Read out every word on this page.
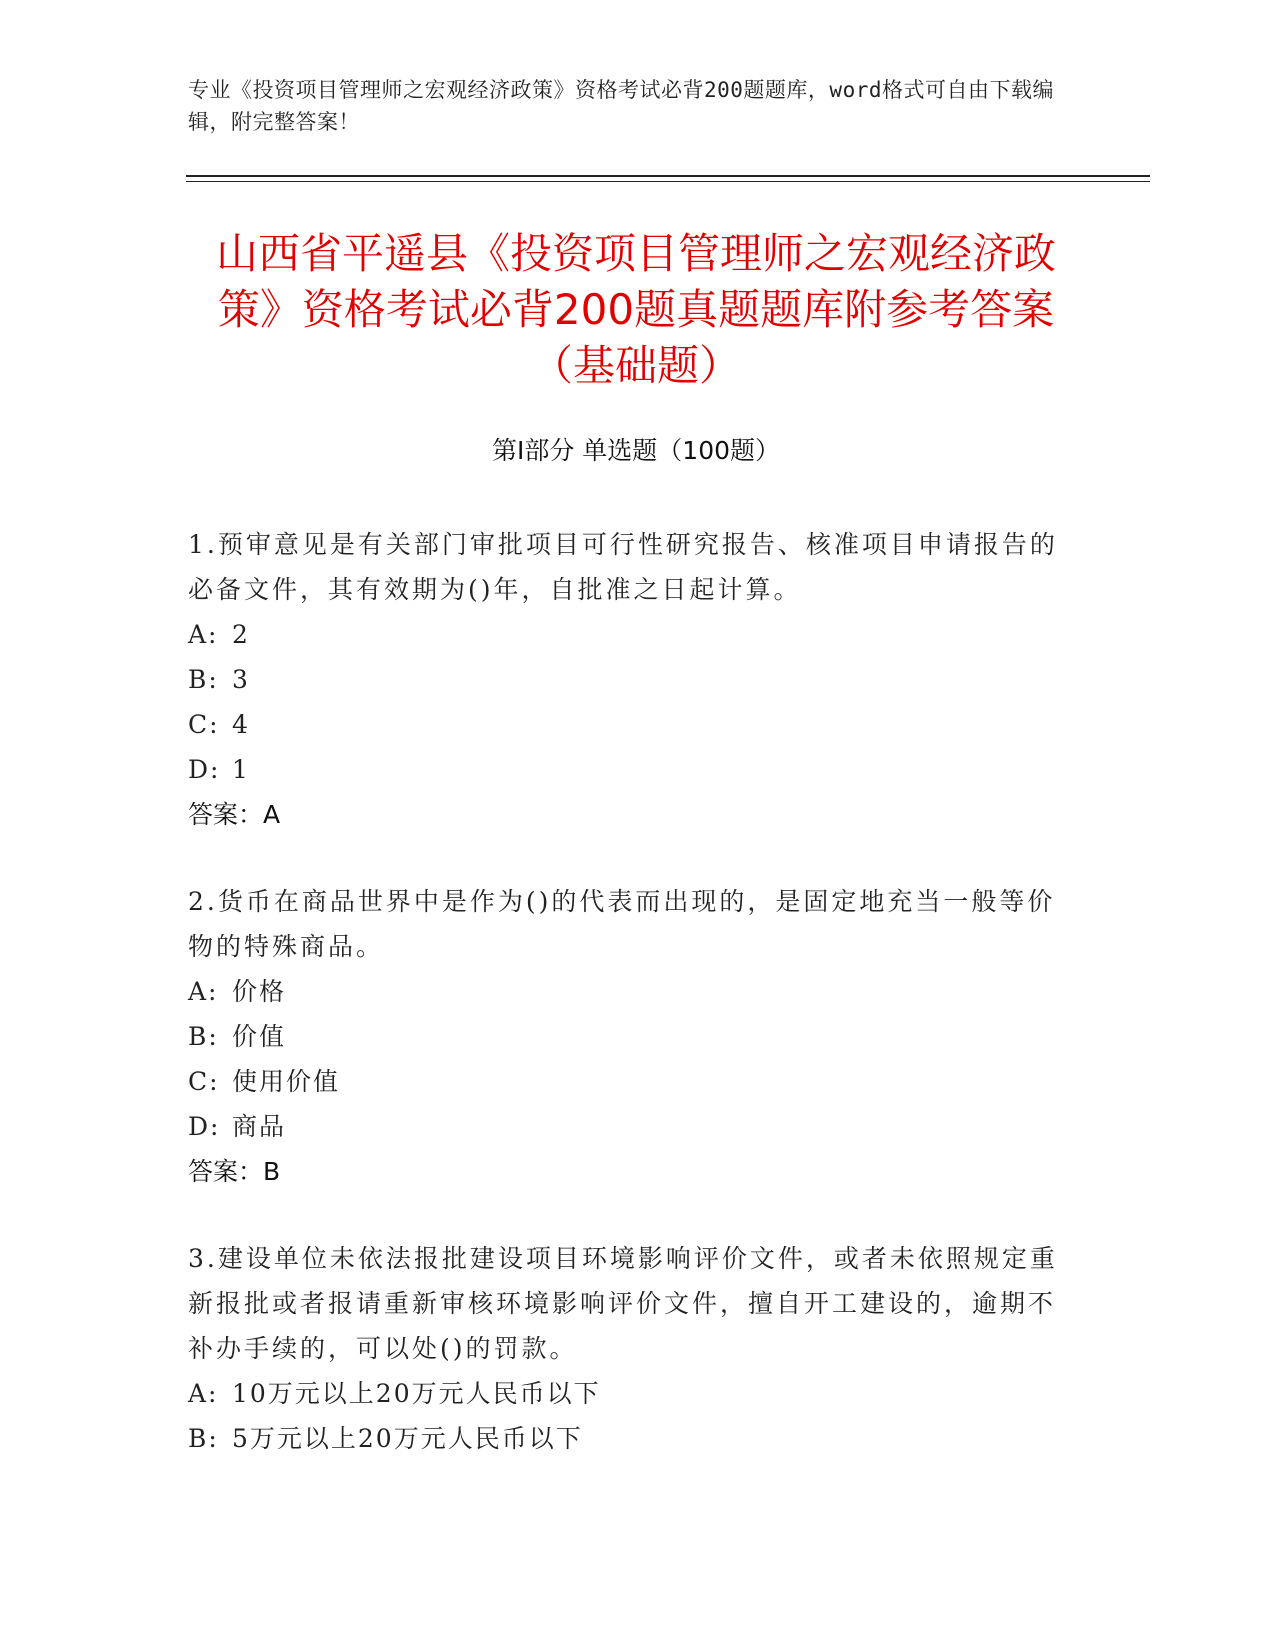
专业《投资项目管理师之宏观经济政策》资格考试必背200题题库，word格式可自由下载编辑，附完整答案！
山西省平遥县《投资项目管理师之宏观经济政策》资格考试必背200题真题题库附参考答案（基础题）
第I部分 单选题（100题）
1.预审意见是有关部门审批项目可行性研究报告、核准项目申请报告的必备文件，其有效期为()年，自批准之日起计算。
A: 2
B: 3
C: 4
D: 1
答案：A
2.货币在商品世界中是作为()的代表而出现的，是固定地充当一般等价物的特殊商品。
A: 价格
B: 价值
C: 使用价值
D: 商品
答案：B
3.建设单位未依法报批建设项目环境影响评价文件，或者未依照规定重新报批或者报请重新审核环境影响评价文件，擅自开工建设的，逾期不补办手续的，可以处()的罚款。
A: 10万元以上20万元人民币以下
B: 5万元以上20万元人民币以下
